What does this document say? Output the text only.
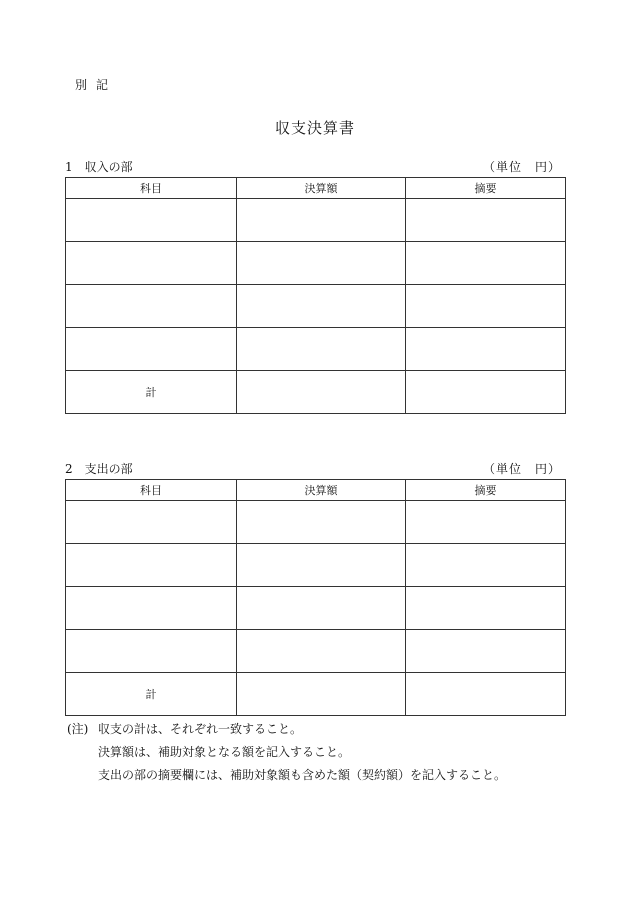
別記
収支決算書
1　収入の部	（単位　円）
科目	決算額	摘要

計		
2　支出の部	（単位　円）
科目	決算額	摘要

計		
(注) 収支の計は、それぞれ一致すること。
決算額は、補助対象となる額を記入すること。
支出の部の摘要欄には、補助対象額も含めた額（契約額）を記入すること。
